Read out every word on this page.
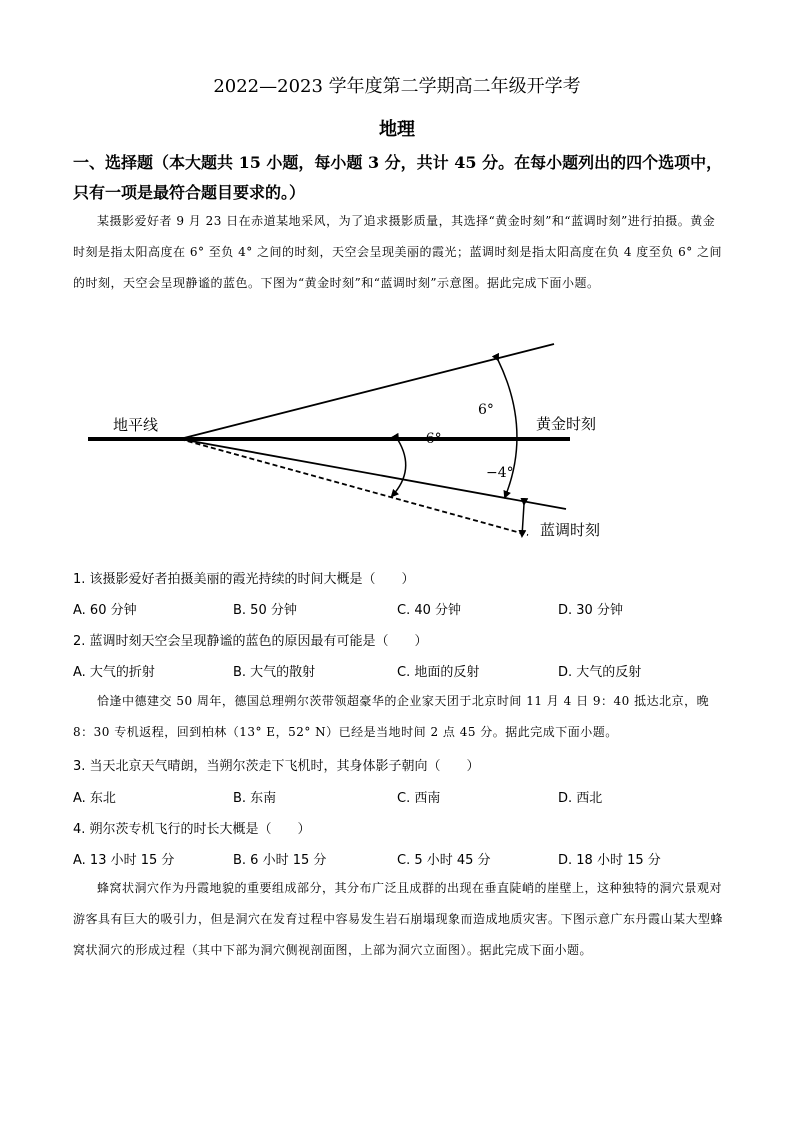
2022—2023 学年度第二学期高二年级开学考
地理
一、选择题（本大题共 15 小题，每小题 3 分，共计 45 分。在每小题列出的四个选项中，只有一项是最符合题目要求的。）
某摄影爱好者 9 月 23 日在赤道某地采风，为了追求摄影质量，其选择“黄金时刻”和“蓝调时刻”进行拍摄。黄金时刻是指太阳高度在 6° 至负 4° 之间的时刻，天空会呈现美丽的霞光；蓝调时刻是指太阳高度在负 4 度至负 6° 之间的时刻，天空会呈现静谧的蓝色。下图为“黄金时刻”和“蓝调时刻”示意图。据此完成下面小题。
地平线	黄金时刻
蓝调时刻
6°
−6°
−4°
1. 该摄影爱好者拍摄美丽的霞光持续的时间大概是（　　）
A. 60 分钟	B. 50 分钟	C. 40 分钟	D. 30 分钟
2. 蓝调时刻天空会呈现静谧的蓝色的原因最有可能是（　　）
A. 大气的折射	B. 大气的散射	C. 地面的反射	D. 大气的反射
恰逢中德建交 50 周年，德国总理朔尔茨带领超豪华的企业家天团于北京时间 11 月 4 日 9：40 抵达北京，晚 8：30 专机返程，回到柏林（13° E，52° N）已经是当地时间 2 点 45 分。据此完成下面小题。
3. 当天北京天气晴朗，当朔尔茨走下飞机时，其身体影子朝向（　　）
A. 东北	B. 东南	C. 西南	D. 西北
4. 朔尔茨专机飞行的时长大概是（　　）
A. 13 小时 15 分	B. 6 小时 15 分	C. 5 小时 45 分	D. 18 小时 15 分
蜂窝状洞穴作为丹霞地貌的重要组成部分，其分布广泛且成群的出现在垂直陡峭的崖壁上，这种独特的洞穴景观对游客具有巨大的吸引力，但是洞穴在发育过程中容易发生岩石崩塌现象而造成地质灾害。下图示意广东丹霞山某大型蜂窝状洞穴的形成过程（其中下部为洞穴侧视剖面图，上部为洞穴立面图）。据此完成下面小题。
